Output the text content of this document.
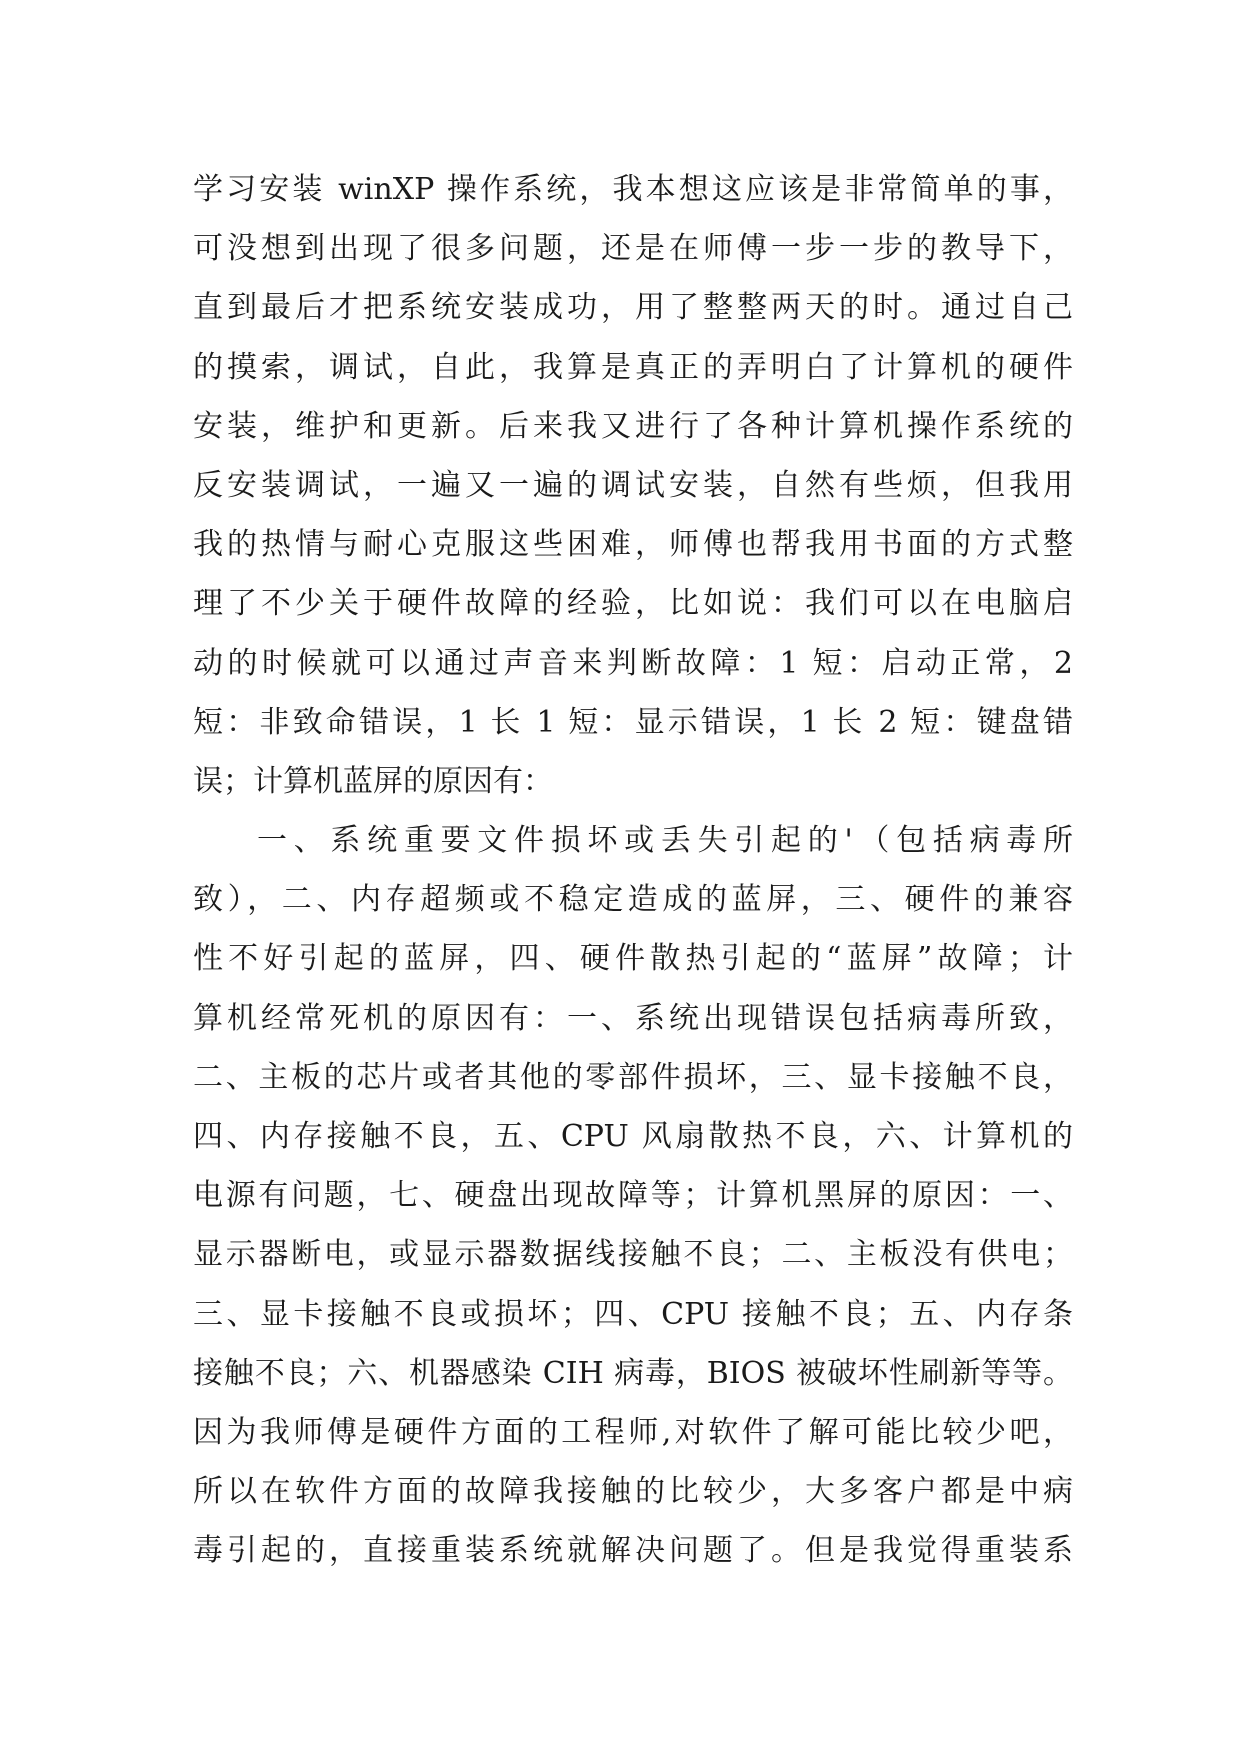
学习安装 winXP 操作系统，我本想这应该是非常简单的事，
可没想到出现了很多问题，还是在师傅一步一步的教导下，
直到最后才把系统安装成功，用了整整两天的时。通过自己
的摸索，调试，自此，我算是真正的弄明白了计算机的硬件
安装，维护和更新。后来我又进行了各种计算机操作系统的
反安装调试，一遍又一遍的调试安装，自然有些烦，但我用
我的热情与耐心克服这些困难，师傅也帮我用书面的方式整
理了不少关于硬件故障的经验，比如说：我们可以在电脑启
动的时候就可以通过声音来判断故障：1 短：启动正常，2
短：非致命错误，1 长 1 短：显示错误，1 长 2 短：键盘错
误；计算机蓝屏的原因有：
一、系统重要文件损坏或丢失引起的'（包括病毒所
致），二、内存超频或不稳定造成的蓝屏，三、硬件的兼容
性不好引起的蓝屏，四、硬件散热引起的“蓝屏”故障；计
算机经常死机的原因有：一、系统出现错误包括病毒所致，
二、主板的芯片或者其他的零部件损坏，三、显卡接触不良，
四、内存接触不良，五、CPU 风扇散热不良，六、计算机的
电源有问题，七、硬盘出现故障等；计算机黑屏的原因：一、
显示器断电，或显示器数据线接触不良；二、主板没有供电；
三、显卡接触不良或损坏；四、CPU 接触不良；五、内存条
接触不良；六、机器感染 CIH 病毒，BIOS 被破坏性刷新等等。
因为我师傅是硬件方面的工程师,对软件了解可能比较少吧，
所以在软件方面的故障我接触的比较少，大多客户都是中病
毒引起的，直接重装系统就解决问题了。但是我觉得重装系
